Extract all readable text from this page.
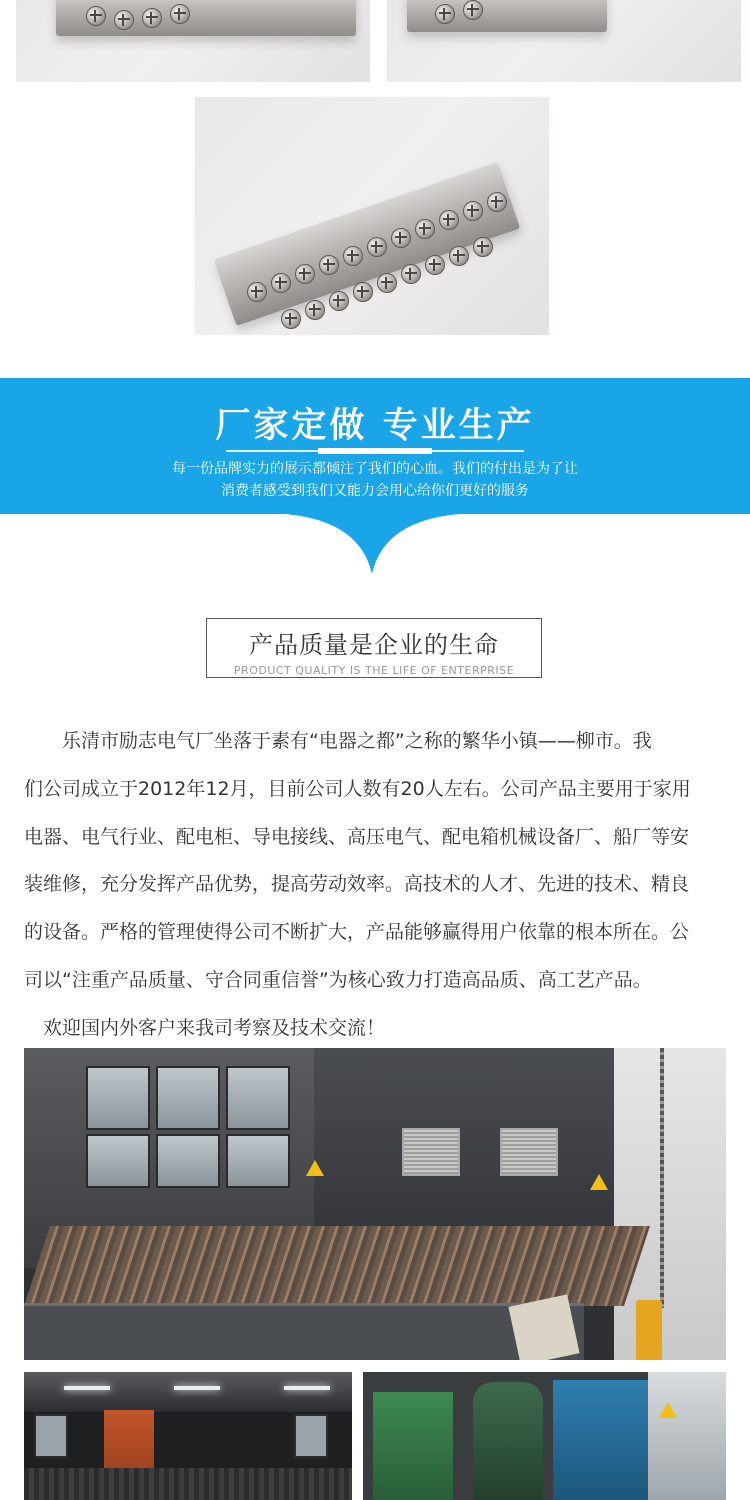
厂家定做 专业生产
每一份品牌实力的展示都倾注了我们的心血。我们的付出是为了让
消费者感受到我们又能力会用心给你们更好的服务
产品质量是企业的生命
PRODUCT QUALITY IS THE LIFE OF ENTERPRISE
　　乐清市励志电气厂坐落于素有“电器之都”之称的繁华小镇——柳市。我
们公司成立于2012年12月，目前公司人数有20人左右。公司产品主要用于家用
电器、电气行业、配电柜、导电接线、高压电气、配电箱机械设备厂、船厂等安
装维修，充分发挥产品优势，提高劳动效率。高技术的人才、先进的技术、精良
的设备。严格的管理使得公司不断扩大，产品能够赢得用户依靠的根本所在。公
司以“注重产品质量、守合同重信誉”为核心致力打造高品质、高工艺产品。
　欢迎国内外客户来我司考察及技术交流！
